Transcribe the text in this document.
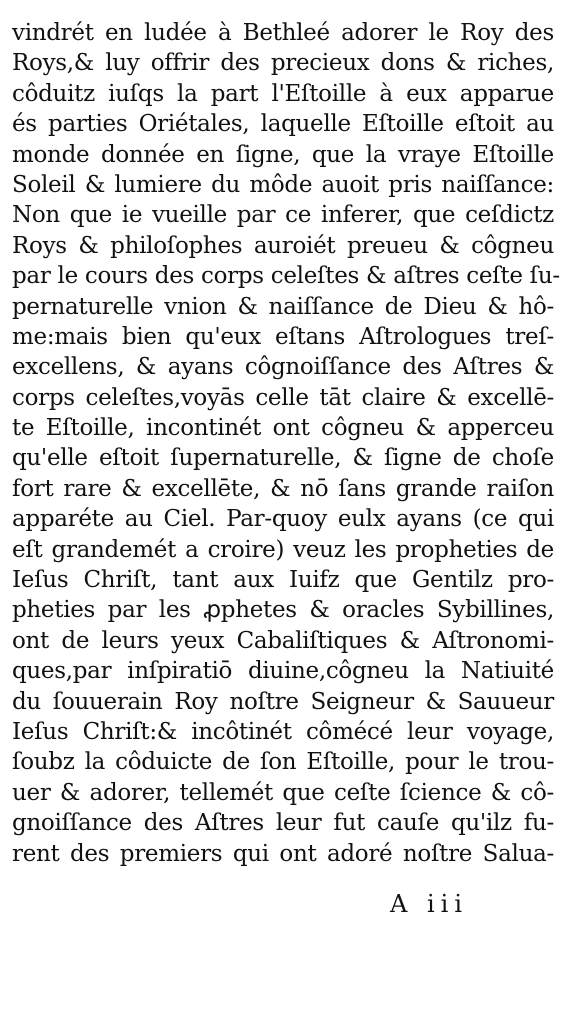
vindrét en ludée à Bethleé adorer le Roy des
Roys,& luy offrir des precieux dons & riches,
côduitz iuſqs la part l'Eſtoille à eux apparue
és parties Oriétales, laquelle Eſtoille eſtoit au
monde donnée en ſigne, que la vraye Eſtoille
Soleil & lumiere du môde auoit pris naiſſance:
Non que ie vueille par ce inferer, que ceſdictz
Roys & philoſophes auroiét preueu & côgneu
par le cours des corps celeſtes & aſtres ceſte ſu-
pernaturelle vnion & naiſſance de Dieu & hô-
me:mais bien qu'eux eſtans Aſtrologues treſ-
excellens, & ayans côgnoiſſance des Aſtres &
corps celeſtes,voyās celle tāt claire & excellē-
te Eſtoille, incontinét ont côgneu & apperceu
qu'elle eſtoit ſupernaturelle, & ſigne de choſe
fort rare & excellēte, & nō ſans grande raiſon
apparéte au Ciel. Par-quoy eulx ayans (ce qui
eſt grandemét a croire) veuz les propheties de
Ieſus Chriſt, tant aux Iuifz que Gentilz pro-
pheties par les ꝓphetes & oracles Sybillines,
ont de leurs yeux Cabaliſtiques & Aſtronomi-
ques,par inſpiratiō diuine,côgneu la Natiuité
du ſouuerain Roy noſtre Seigneur & Sauueur
Ieſus Chriſt:& incôtinét cômécé leur voyage,
ſoubz la côduicte de ſon Eſtoille, pour le trou-
uer & adorer, tellemét que ceſte ſcience & cô-
gnoiſſance des Aſtres leur fut cauſe qu'ilz fu-
rent des premiers qui ont adoré noſtre Salua-
A iii
